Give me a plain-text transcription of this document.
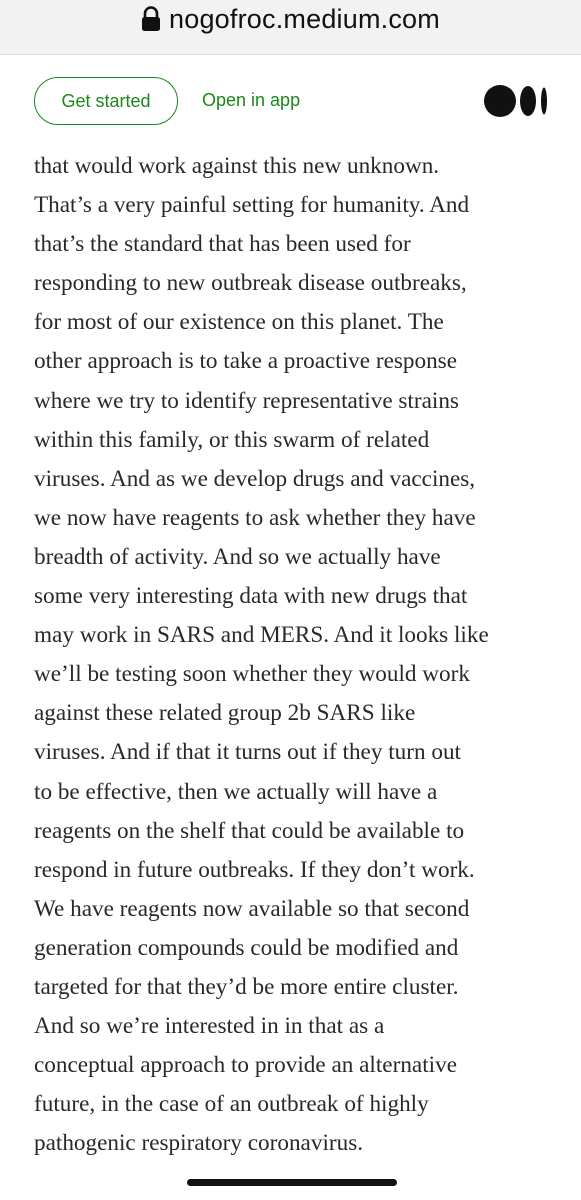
nogofroc.medium.com
Get started	Open in app
that would work against this new unknown.
That’s a very painful setting for humanity. And
that’s the standard that has been used for
responding to new outbreak disease outbreaks,
for most of our existence on this planet. The
other approach is to take a proactive response
where we try to identify representative strains
within this family, or this swarm of related
viruses. And as we develop drugs and vaccines,
we now have reagents to ask whether they have
breadth of activity. And so we actually have
some very interesting data with new drugs that
may work in SARS and MERS. And it looks like
we’ll be testing soon whether they would work
against these related group 2b SARS like
viruses. And if that it turns out if they turn out
to be effective, then we actually will have a
reagents on the shelf that could be available to
respond in future outbreaks. If they don’t work.
We have reagents now available so that second
generation compounds could be modified and
targeted for that they’d be more entire cluster.
And so we’re interested in in that as a
conceptual approach to provide an alternative
future, in the case of an outbreak of highly
pathogenic respiratory coronavirus.
